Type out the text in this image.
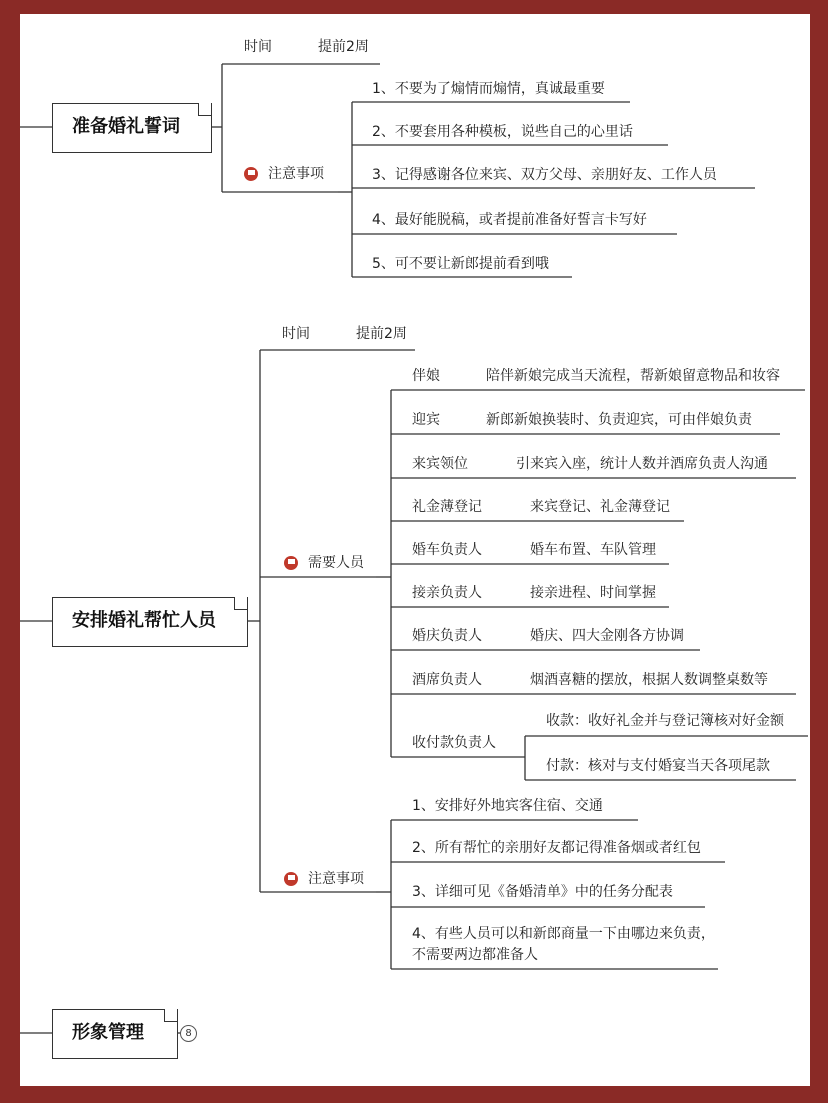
准备婚礼誓词
时间	提前2周
注意事项
1、不要为了煽情而煽情，真诚最重要
2、不要套用各种模板，说些自己的心里话
3、记得感谢各位来宾、双方父母、亲朋好友、工作人员
4、最好能脱稿，或者提前准备好誓言卡写好
5、可不要让新郎提前看到哦
安排婚礼帮忙人员
时间	提前2周
需要人员
伴娘	陪伴新娘完成当天流程，帮新娘留意物品和妆容
迎宾	新郎新娘换装时、负责迎宾，可由伴娘负责
来宾领位	引来宾入座，统计人数并酒席负责人沟通
礼金薄登记	来宾登记、礼金薄登记
婚车负责人	婚车布置、车队管理
接亲负责人	接亲进程、时间掌握
婚庆负责人	婚庆、四大金刚各方协调
酒席负责人	烟酒喜糖的摆放，根据人数调整桌数等
收付款负责人
收款：收好礼金并与登记簿核对好金额
付款：核对与支付婚宴当天各项尾款
注意事项
1、安排好外地宾客住宿、交通
2、所有帮忙的亲朋好友都记得准备烟或者红包
3、详细可见《备婚清单》中的任务分配表
4、有些人员可以和新郎商量一下由哪边来负责，不需要两边都准备人
形象管理	8
